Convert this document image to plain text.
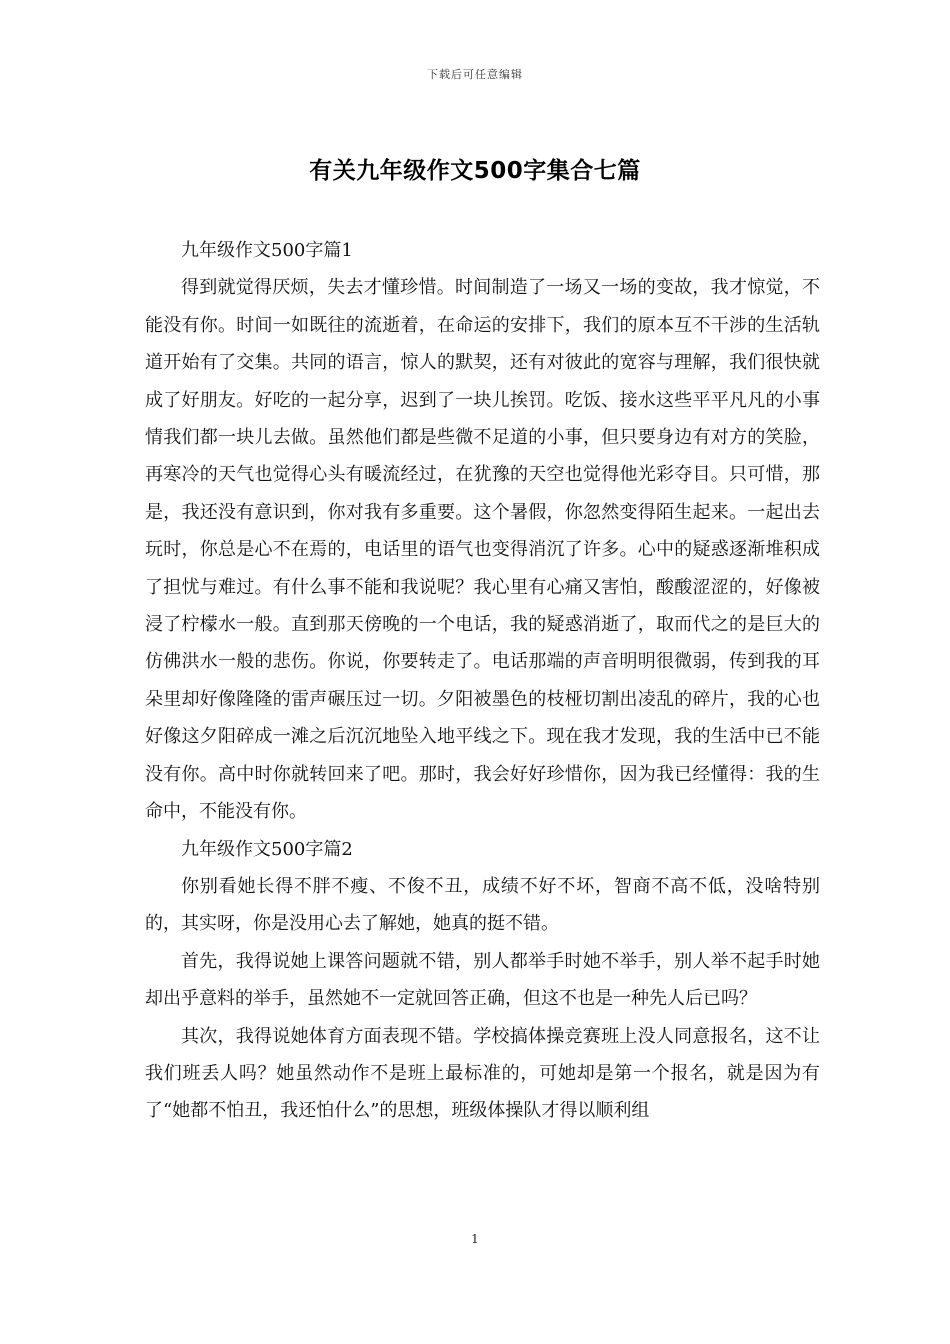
下载后可任意编辑
有关九年级作文500字集合七篇

九年级作文500字篇1

得到就觉得厌烦，失去才懂珍惜。时间制造了一场又一场的变故，我才惊觉，不能没有你。时间一如既往的流逝着，在命运的安排下，我们的原本互不干涉的生活轨道开始有了交集。共同的语言，惊人的默契，还有对彼此的宽容与理解，我们很快就成了好朋友。好吃的一起分享，迟到了一块儿挨罚。吃饭、接水这些平平凡凡的小事情我们都一块儿去做。虽然他们都是些微不足道的小事，但只要身边有对方的笑脸，再寒冷的天气也觉得心头有暖流经过，在犹豫的天空也觉得他光彩夺目。只可惜，那是，我还没有意识到，你对我有多重要。这个暑假，你忽然变得陌生起来。一起出去玩时，你总是心不在焉的，电话里的语气也变得消沉了许多。心中的疑惑逐渐堆积成了担忧与难过。有什么事不能和我说呢？我心里有心痛又害怕，酸酸涩涩的，好像被浸了柠檬水一般。直到那天傍晚的一个电话，我的疑惑消逝了，取而代之的是巨大的仿佛洪水一般的悲伤。你说，你要转走了。电话那端的声音明明很微弱，传到我的耳朵里却好像隆隆的雷声碾压过一切。夕阳被墨色的枝桠切割出凌乱的碎片，我的心也好像这夕阳碎成一滩之后沉沉地坠入地平线之下。现在我才发现，我的生活中已不能没有你。高中时你就转回来了吧。那时，我会好好珍惜你，因为我已经懂得：我的生命中，不能没有你。

九年级作文500字篇2

你别看她长得不胖不瘦、不俊不丑，成绩不好不坏，智商不高不低，没啥特别的，其实呀，你是没用心去了解她，她真的挺不错。

首先，我得说她上课答问题就不错，别人都举手时她不举手，别人举不起手时她却出乎意料的举手，虽然她不一定就回答正确，但这不也是一种先人后已吗？

其次，我得说她体育方面表现不错。学校搞体操竞赛班上没人同意报名，这不让我们班丢人吗？她虽然动作不是班上最标准的，可她却是第一个报名，就是因为有了“她都不怕丑，我还怕什么”的思想，班级体操队才得以顺利组

1
